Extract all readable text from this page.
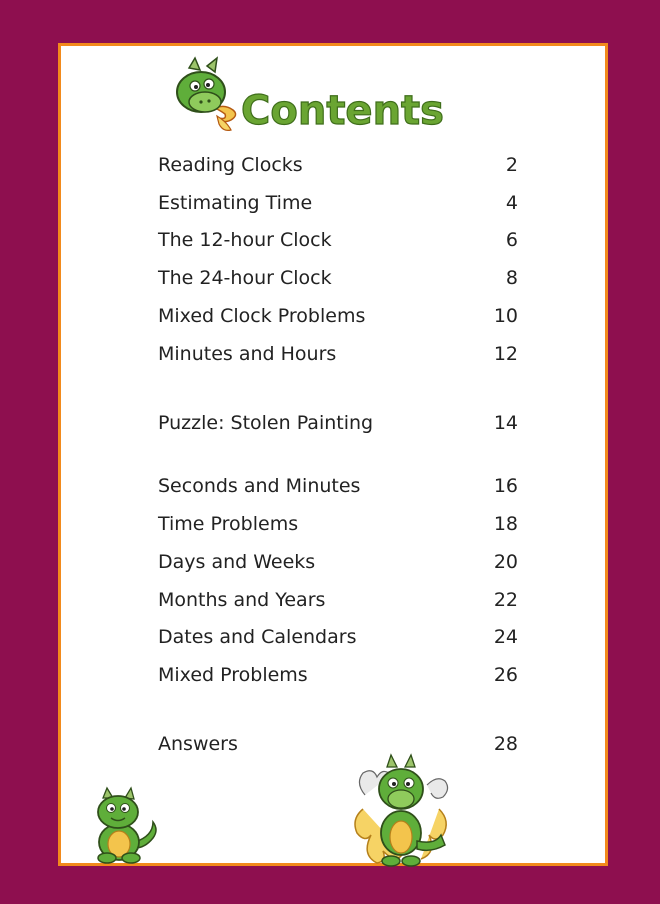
Contents
Reading Clocks	2
Estimating Time	4
The 12-hour Clock	6
The 24-hour Clock	8
Mixed Clock Problems	10
Minutes and Hours	12
Puzzle: Stolen Painting	14
Seconds and Minutes	16
Time Problems	18
Days and Weeks	20
Months and Years	22
Dates and Calendars	24
Mixed Problems	26
Answers	28
